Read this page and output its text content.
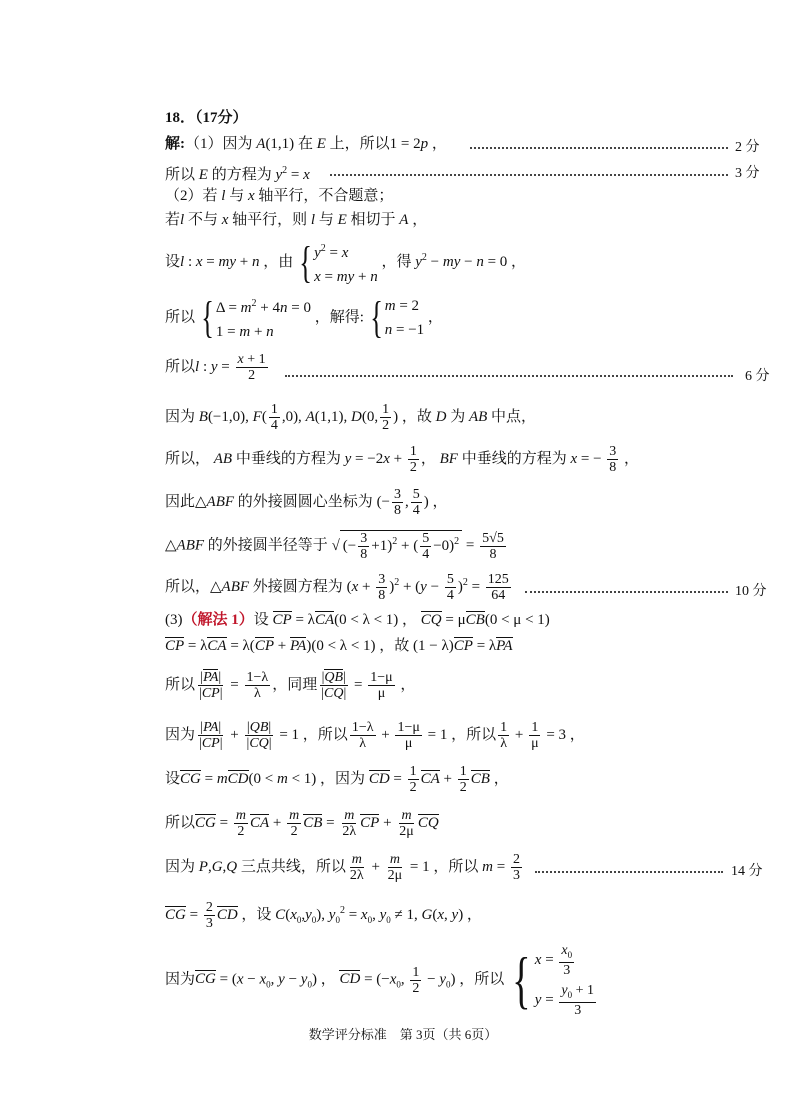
18．（17分）
解:（1）因为 A(1,1) 在 E 上，所以1 = 2p ，	2 分
所以 E 的方程为 $y^2 = x$	3 分
（2）若 l 与 x 轴平行，不合题意；
若l 不与 x 轴平行，则 l 与 E 相切于 A ，
设l : x = my + n ，由 { $y^2 = x$
x = my + n
，得 $y^2$ − my − n = 0 ，
所以 { $\Delta = m^2 + 4n = 0$
1 = m + n
，解得: { m = 2
n = −1
，
所以l : $y = \frac{x + 1}{2}$	6 分
因为 B(−1,0), $F( \frac{1}{4} ,0)$, A(1,1), D(0, $\frac{1}{2}$ ) ，故 D 为 AB 中点，
所以， AB 中垂线的方程为 $y = -2x + \frac{1}{2}$ ， BF 中垂线的方程为 x = − $\frac{3}{8}$ ，
因此△ABF 的外接圆圆心坐标为 (− $\frac{3}{8}$ , $\frac{5}{4}$ ) ，
△ABF 的外接圆半径等于 √ (− $\frac{3}{8} +1)^2$ + ( $\frac{5}{4} -0)^2 = \frac{5√5}{8}$
所以，△ABF 外接圆方程为 $(x + \frac{3}{8} )^2 + (y - \frac{5}{4} )^2 = \frac{125}{64}$	10 分
(3)（解法 1）设 CP = λCA(0 < λ < 1) ， CQ = μCB(0 < μ < 1)
CP = λCA = λ(CP + PA)(0 < λ < 1) ，故 (1 − λ)CP = λPA
所以 $\frac{|PA|}{|CP|} = \frac{1-\lambda}{\lambda}$ ，同理 $\frac{|QB|}{|CQ|} = \frac{1-\mu}{\mu}$ ，
因为 $\frac{|PA|}{|CP|} + \frac{|QB|}{|CQ|} = 1$ ，所以 $\frac{1-\lambda}{\lambda} + \frac{1-\mu}{\mu} = 1$ ，所以 $\frac{1}{\lambda} + \frac{1}{\mu} = 3$ ，
设CG = mCD(0 < m < 1) ，因为 CD = $\frac{1}{2}$ CA + $\frac{1}{2}$ CB ，
所以CG = $\frac{m}{2}$ CA + $\frac{m}{2}$ CB = $\frac{m}{2\lambda}$ CP + $\frac{m}{2\mu}$ CQ
因为 P,G,Q 三点共线，所以 $\frac{m}{2\lambda} + \frac{m}{2\mu} = 1$ ，所以 $m = \frac{2}{3}$	14 分
CG = $\frac{2}{3}$ CD ，设 $C(x_0,y_0)$, $y_0^2 = x_0$, $y_0 \ne 1$, G(x, y) ，
因为CG = ($x - x_0$, $y - y_0$) ， CD = ($-x_0$, $\frac{1}{2} - y_0$) ，所以 { $x = \frac{x_0}{3}$
$y = \frac{y_0 + 1}{3}$
数学评分标准　第 3页（共 6页）
